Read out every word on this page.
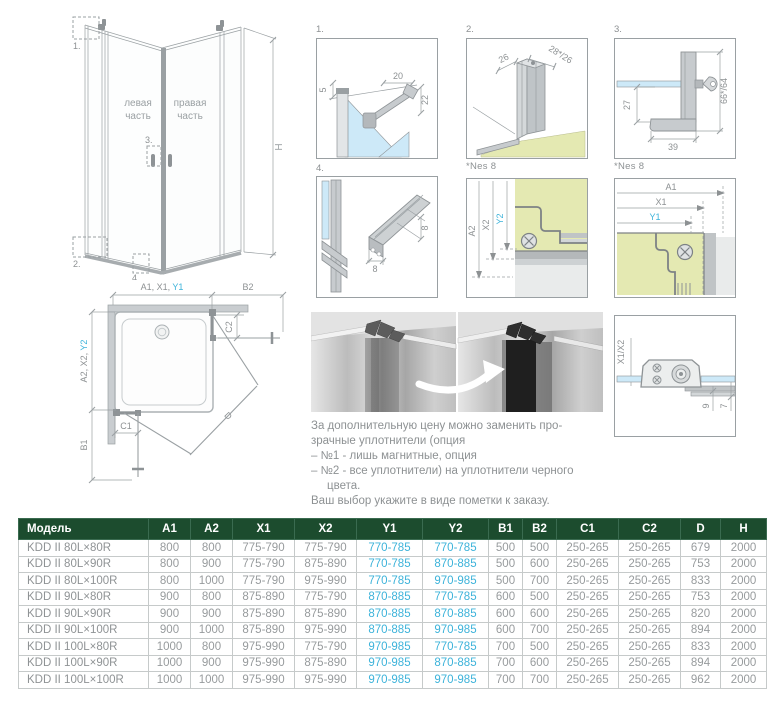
1.
2.
3.
4.
левая
часть
правая
часть
H
D
A1, X1, Y1	B2
A2, X2, Y2
B1
C2
C1
1.
20
22
5
2.
26	28*/26
*Nes 8
3.
27
39
66*/64
*Nes 8
4.
8
8	A2
X2
Y2
A1
X1
Y1
X1/X2
9 7
За дополнительную цену можно заменить про-
зрачные уплотнители (опция
– №1 - лишь магнитные, опция
– №2 - все уплотнители) на уплотнители черного
цвета.
Ваш выбор укажите в виде пометки к заказу.
Модель	A1	A2	X1	X2	Y1	Y2	B1	B2	C1	C2	D	H
KDD II 80L×80R	800	800	775-790	775-790	770-785	770-785	500	500	250-265	250-265	679	2000
KDD II 80L×90R	800	900	775-790	875-890	770-785	870-885	500	600	250-265	250-265	753	2000
KDD II 80L×100R	800	1000	775-790	975-990	770-785	970-985	500	700	250-265	250-265	833	2000
KDD II 90L×80R	900	800	875-890	775-790	870-885	770-785	600	500	250-265	250-265	753	2000
KDD II 90L×90R	900	900	875-890	875-890	870-885	870-885	600	600	250-265	250-265	820	2000
KDD II 90L×100R	900	1000	875-890	975-990	870-885	970-985	600	700	250-265	250-265	894	2000
KDD II 100L×80R	1000	800	975-990	775-790	970-985	770-785	700	500	250-265	250-265	833	2000
KDD II 100L×90R	1000	900	975-990	875-890	970-985	870-885	700	600	250-265	250-265	894	2000
KDD II 100L×100R	1000	1000	975-990	975-990	970-985	970-985	700	700	250-265	250-265	962	2000
